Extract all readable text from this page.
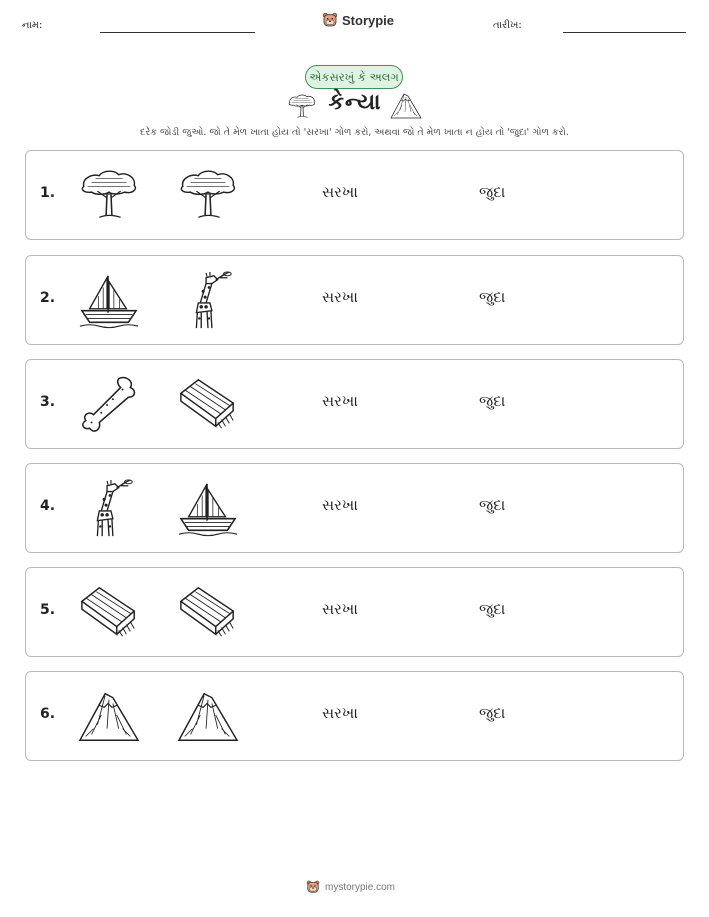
નામ:	Storypie	તારીખ:
એકસરખું કે અલગ
કેન્યા
દરેક જોડી જુઓ. જો તે મેળ ખાતા હોય તો 'સરખા' ગોળ કરો, અથવા જો તે મેળ ખાતા ન હોય તો 'જુદા' ગોળ કરો.
1.	સરખા	જુદા
2.	સરખા	જુદા
3.	સરખા	જુદા
4.	સરખા	જુદા
5.	સરખા	જુદા
6.	સરખા	જુદા
mystorypie.com
